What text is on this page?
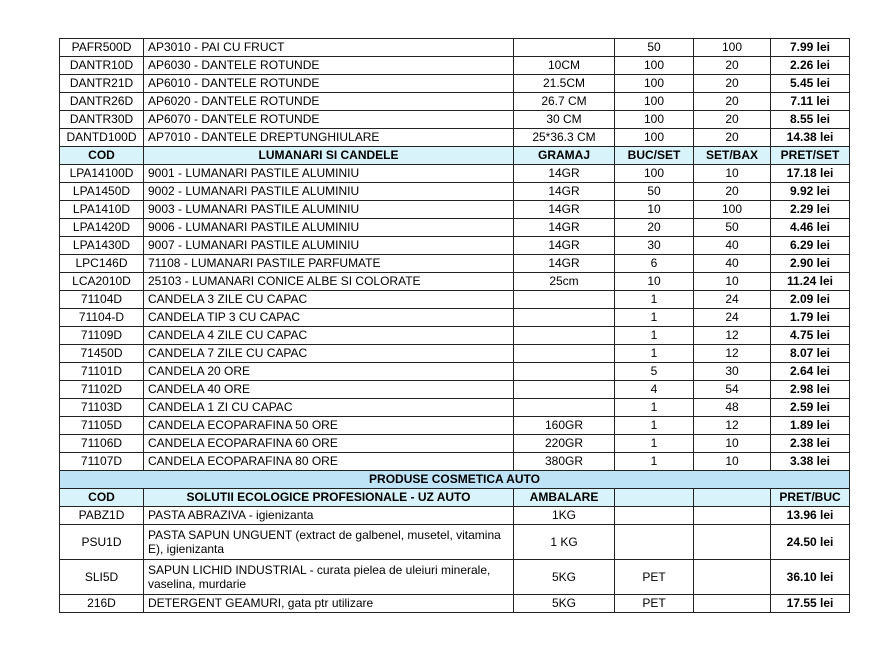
PAFR500D	AP3010 - PAI CU FRUCT		50	100	7.99 lei
DANTR10D	AP6030 - DANTELE ROTUNDE	10CM	100	20	2.26 lei
DANTR21D	AP6010 - DANTELE ROTUNDE	21.5CM	100	20	5.45 lei
DANTR26D	AP6020 - DANTELE ROTUNDE	26.7 CM	100	20	7.11 lei
DANTR30D	AP6070 - DANTELE ROTUNDE	30 CM	100	20	8.55 lei
DANTD100D	AP7010 - DANTELE DREPTUNGHIULARE	25*36.3 CM	100	20	14.38 lei
COD	LUMANARI SI CANDELE	GRAMAJ	BUC/SET	SET/BAX	PRET/SET
LPA14100D	9001 - LUMANARI PASTILE ALUMINIU	14GR	100	10	17.18 lei
LPA1450D	9002 - LUMANARI PASTILE ALUMINIU	14GR	50	20	9.92 lei
LPA1410D	9003 - LUMANARI PASTILE ALUMINIU	14GR	10	100	2.29 lei
LPA1420D	9006 - LUMANARI PASTILE ALUMINIU	14GR	20	50	4.46 lei
LPA1430D	9007 - LUMANARI PASTILE ALUMINIU	14GR	30	40	6.29 lei
LPC146D	71108 - LUMANARI PASTILE PARFUMATE	14GR	6	40	2.90 lei
LCA2010D	25103 - LUMANARI CONICE ALBE SI COLORATE	25cm	10	10	11.24 lei
71104D	CANDELA 3 ZILE CU CAPAC		1	24	2.09 lei
71104-D	CANDELA TIP 3 CU CAPAC		1	24	1.79 lei
71109D	CANDELA 4 ZILE CU CAPAC		1	12	4.75 lei
71450D	CANDELA 7 ZILE CU CAPAC		1	12	8.07 lei
71101D	CANDELA 20 ORE		5	30	2.64 lei
71102D	CANDELA 40 ORE		4	54	2.98 lei
71103D	CANDELA 1 ZI CU CAPAC		1	48	2.59 lei
71105D	CANDELA ECOPARAFINA 50 ORE	160GR	1	12	1.89 lei
71106D	CANDELA ECOPARAFINA 60 ORE	220GR	1	10	2.38 lei
71107D	CANDELA ECOPARAFINA 80 ORE	380GR	1	10	3.38 lei
PRODUSE COSMETICA AUTO					
COD	SOLUTII ECOLOGICE PROFESIONALE - UZ AUTO	AMBALARE			PRET/BUC
PABZ1D	PASTA ABRAZIVA - igienizanta	1KG			13.96 lei
PSU1D	PASTA SAPUN UNGUENT (extract de galbenel, musetel, vitamina E), igienizanta	1 KG			24.50 lei
SLI5D	SAPUN LICHID INDUSTRIAL - curata pielea de uleiuri minerale, vaselina, murdarie	5KG	PET		36.10 lei
216D	DETERGENT GEAMURI, gata ptr utilizare	5KG	PET		17.55 lei
